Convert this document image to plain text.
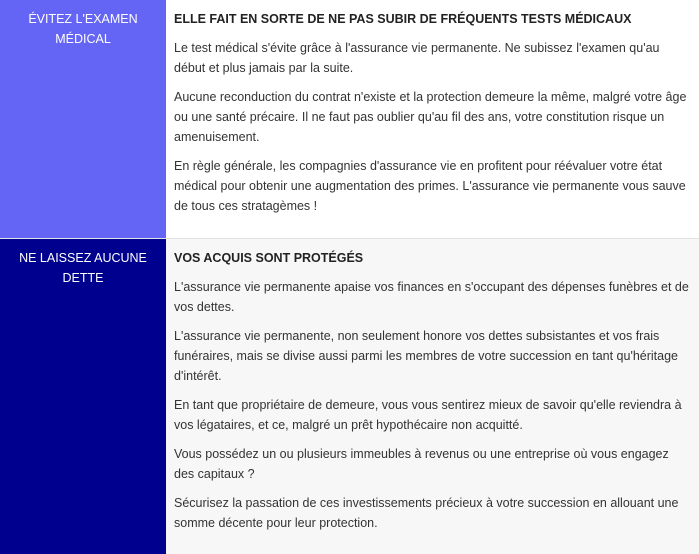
ÉVITEZ L'EXAMEN MÉDICAL
ELLE FAIT EN SORTE DE NE PAS SUBIR DE FRÉQUENTS TESTS MÉDICAUX

Le test médical s'évite grâce à l'assurance vie permanente. Ne subissez l'examen qu'au début et plus jamais par la suite.

Aucune reconduction du contrat n'existe et la protection demeure la même, malgré votre âge ou une santé précaire. Il ne faut pas oublier qu'au fil des ans, votre constitution risque un amenuisement.

En règle générale, les compagnies d'assurance vie en profitent pour réévaluer votre état médical pour obtenir une augmentation des primes. L'assurance vie permanente vous sauve de tous ces stratagèmes !

NE LAISSEZ AUCUNE DETTE
VOS ACQUIS SONT PROTÉGÉS

L'assurance vie permanente apaise vos finances en s'occupant des dépenses funèbres et de vos dettes.

L'assurance vie permanente, non seulement honore vos dettes subsistantes et vos frais funéraires, mais se divise aussi parmi les membres de votre succession en tant qu'héritage d'intérêt.

En tant que propriétaire de demeure, vous vous sentirez mieux de savoir qu'elle reviendra à vos légataires, et ce, malgré un prêt hypothécaire non acquitté.

Vous possédez un ou plusieurs immeubles à revenus ou une entreprise où vous engagez des capitaux ?

Sécurisez la passation de ces investissements précieux à votre succession en allouant une somme décente pour leur protection.
